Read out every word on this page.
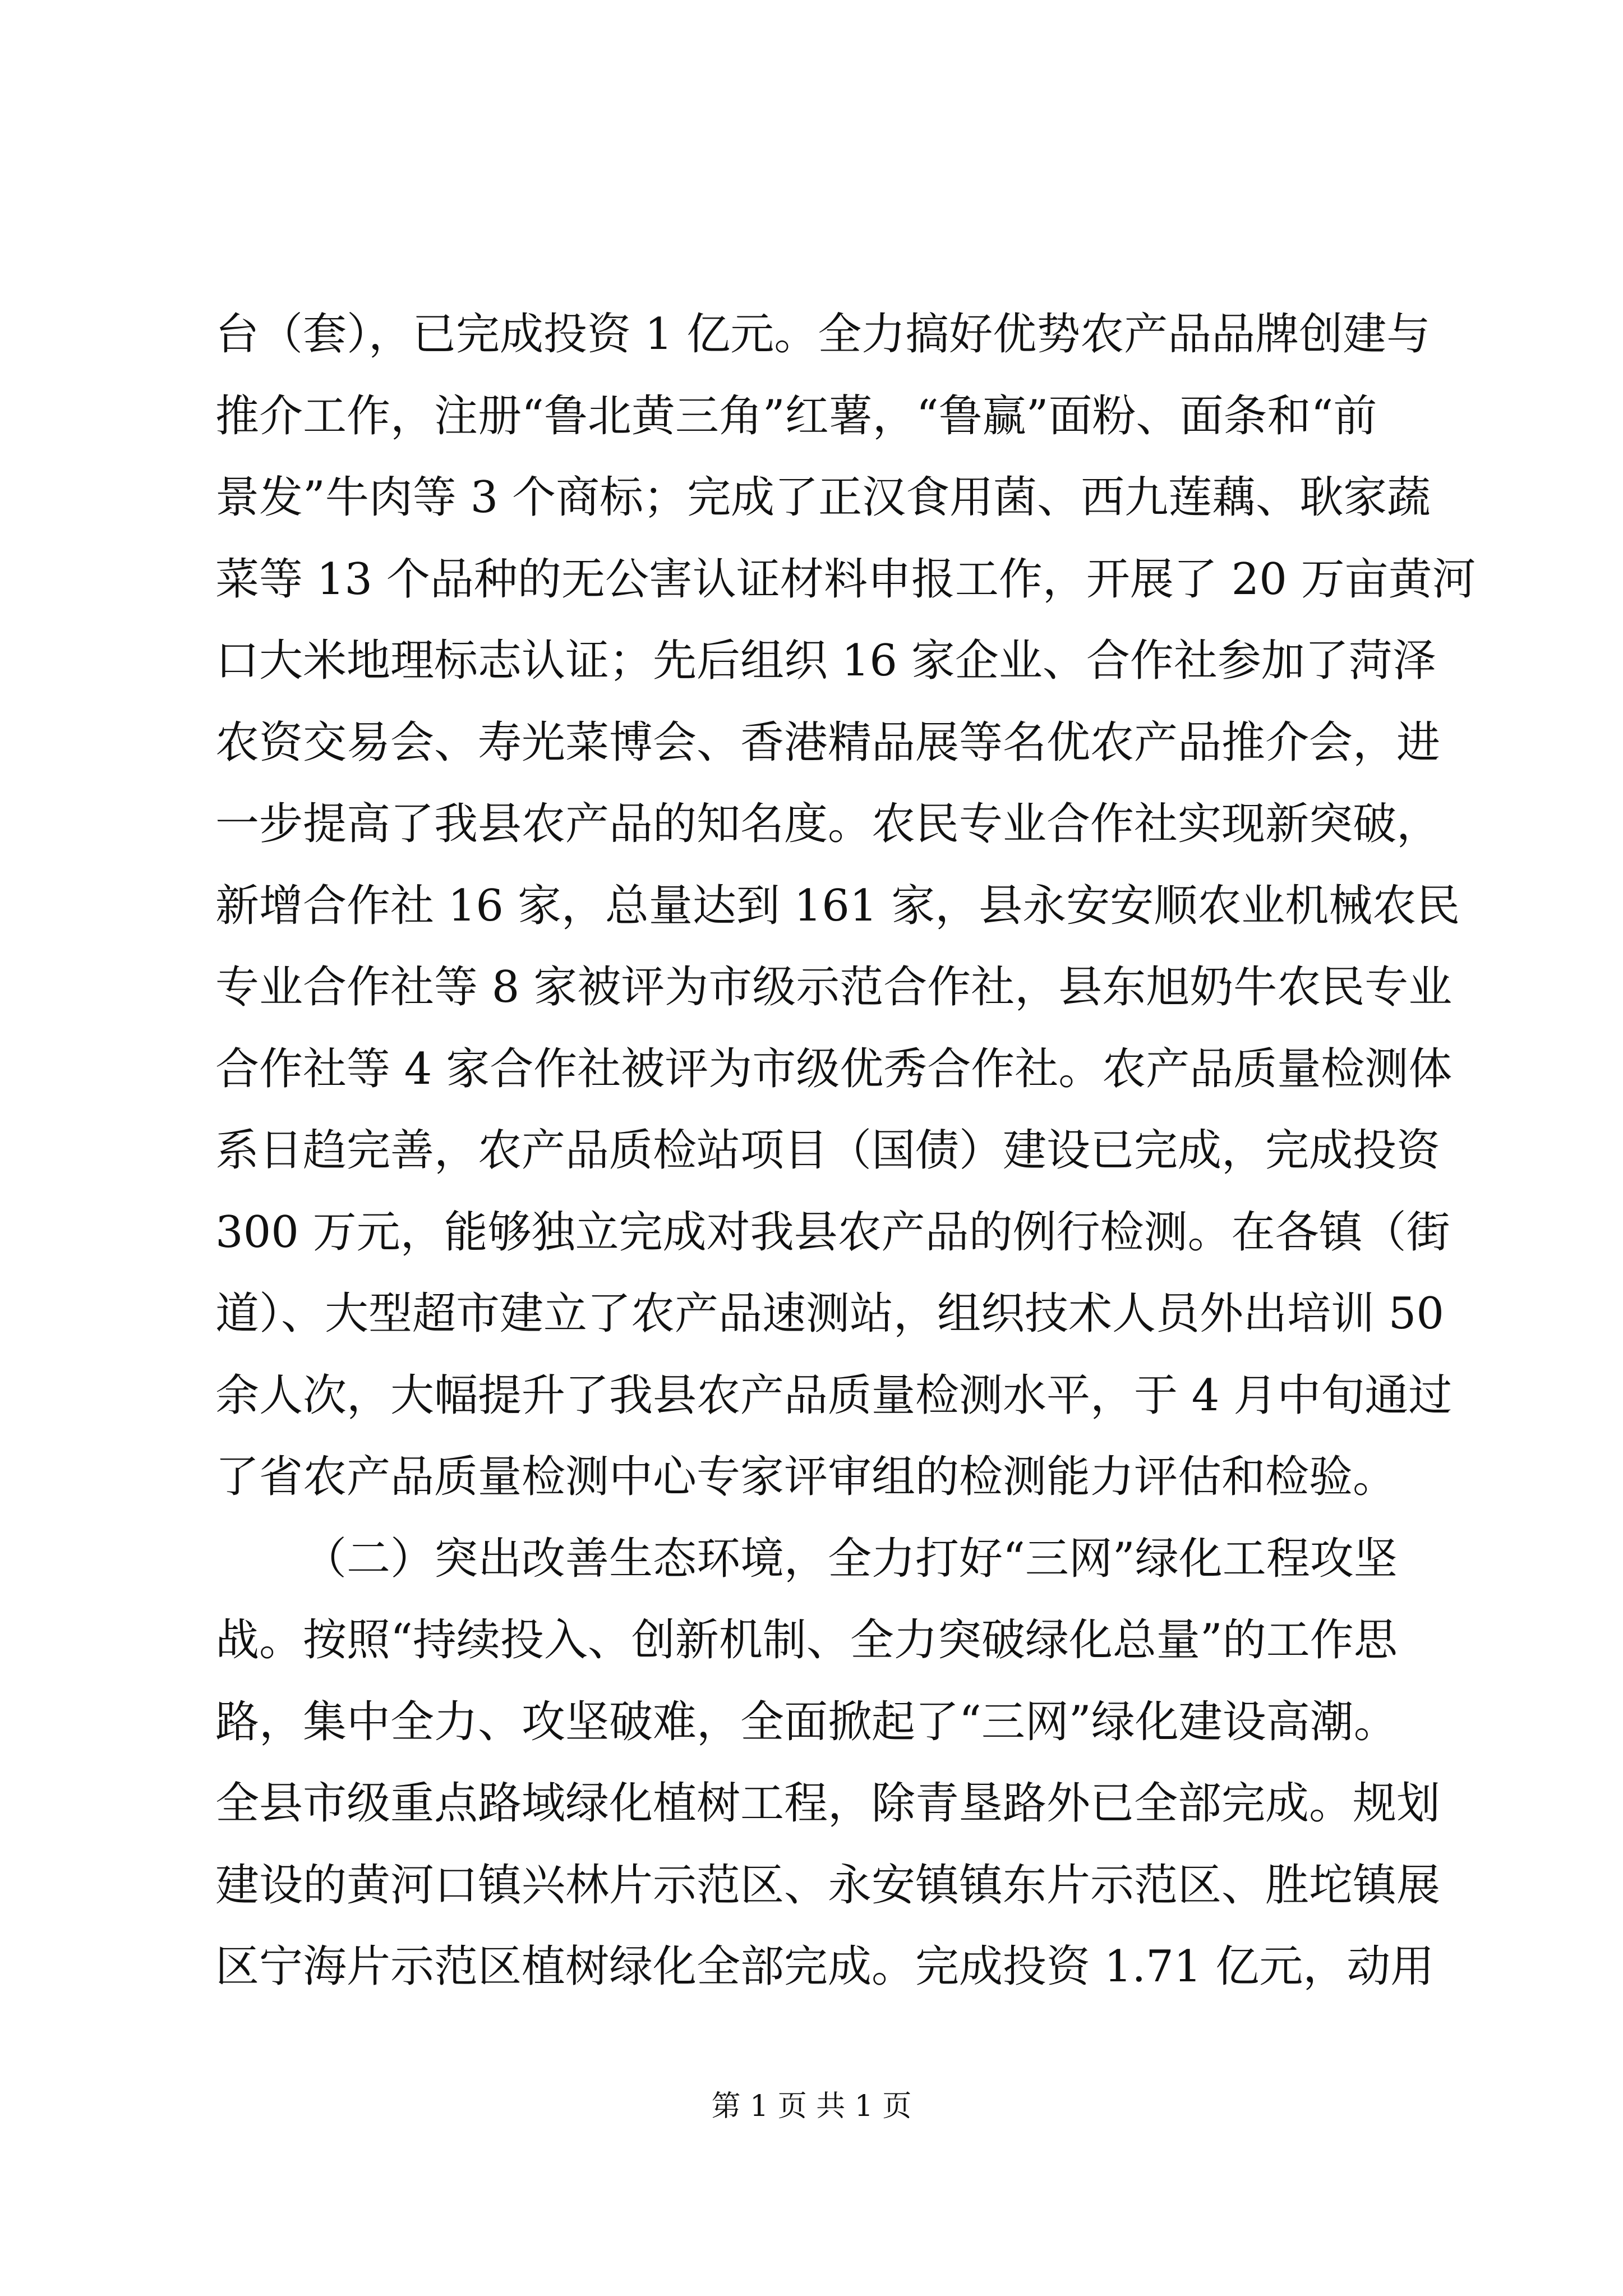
台（套），已完成投资 1 亿元。全力搞好优势农产品品牌创建与
推介工作，注册“鲁北黄三角”红薯，“鲁赢”面粉、面条和“前
景发”牛肉等 3 个商标；完成了正汉食用菌、西九莲藕、耿家蔬
菜等 13 个品种的无公害认证材料申报工作，开展了 20 万亩黄河
口大米地理标志认证；先后组织 16 家企业、合作社参加了菏泽
农资交易会、寿光菜博会、香港精品展等名优农产品推介会，进
一步提高了我县农产品的知名度。农民专业合作社实现新突破，
新增合作社 16 家，总量达到 161 家，县永安安顺农业机械农民
专业合作社等 8 家被评为市级示范合作社，县东旭奶牛农民专业
合作社等 4 家合作社被评为市级优秀合作社。农产品质量检测体
系日趋完善，农产品质检站项目（国债）建设已完成，完成投资
300 万元，能够独立完成对我县农产品的例行检测。在各镇（街
道）、大型超市建立了农产品速测站，组织技术人员外出培训 50
余人次，大幅提升了我县农产品质量检测水平，于 4 月中旬通过
了省农产品质量检测中心专家评审组的检测能力评估和检验。
（二）突出改善生态环境，全力打好“三网”绿化工程攻坚
战。按照“持续投入、创新机制、全力突破绿化总量”的工作思
路，集中全力、攻坚破难，全面掀起了“三网”绿化建设高潮。
全县市级重点路域绿化植树工程，除青垦路外已全部完成。规划
建设的黄河口镇兴林片示范区、永安镇镇东片示范区、胜坨镇展
区宁海片示范区植树绿化全部完成。完成投资 1.71 亿元，动用
第 1 页 共 1 页
